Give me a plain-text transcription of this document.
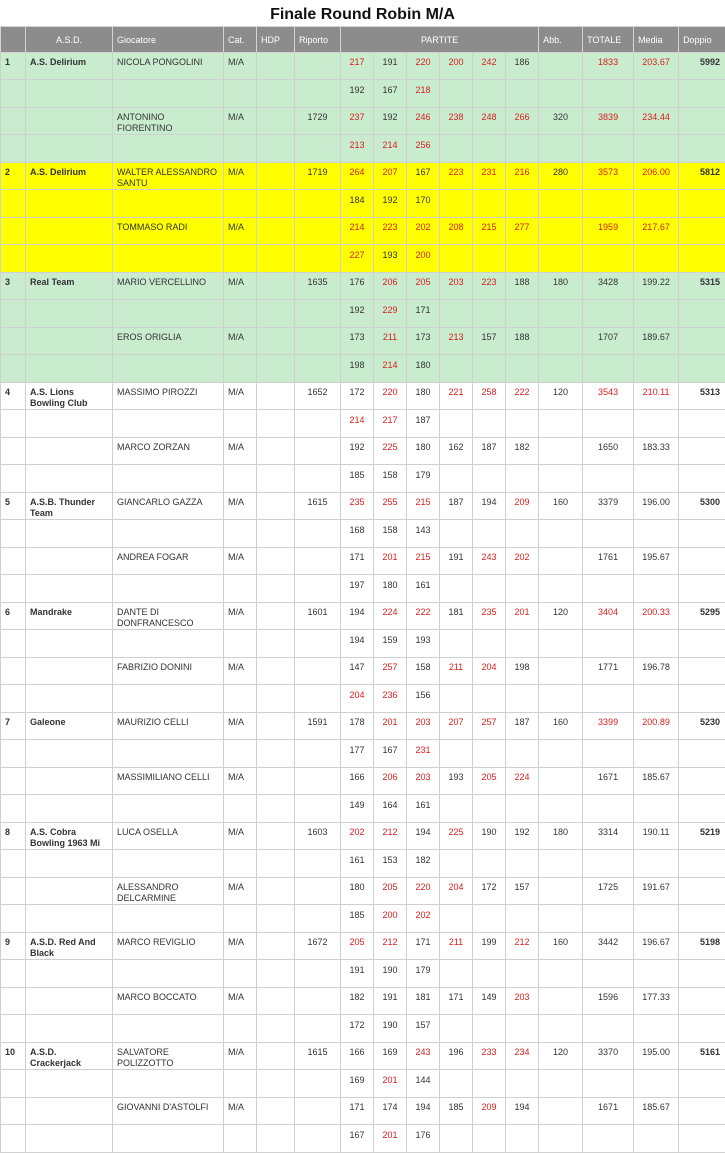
Finale Round Robin M/A
	A.S.D.	Giocatore	Cat.	HDP	Riporto	PARTITE						Abb.	TOTALE	Media	Doppio
1	A.S. Delirium	NICOLA PONGOLINI	M/A			217	191	220	200	242	186		1833	203.67	5992
						192	167	218							
		ANTONINO FIORENTINO	M/A		1729	237	192	246	238	248	266	320	3839	234.44	
						213	214	256							
2	A.S. Delirium	WALTER ALESSANDRO SANTU	M/A		1719	264	207	167	223	231	216	280	3573	206.00	5812
						184	192	170							
		TOMMASO RADI	M/A			214	223	202	208	215	277		1959	217.67	
						227	193	200							
3	Real Team	MARIO VERCELLINO	M/A		1635	176	206	205	203	223	188	180	3428	199.22	5315
						192	229	171							
		EROS ORIGLIA	M/A			173	211	173	213	157	188		1707	189.67	
						198	214	180							
4	A.S. Lions Bowling Club	MASSIMO PIROZZI	M/A		1652	172	220	180	221	258	222	120	3543	210.11	5313
						214	217	187							
		MARCO ZORZAN	M/A			192	225	180	162	187	182		1650	183.33	
						185	158	179							
5	A.S.B. Thunder Team	GIANCARLO GAZZA	M/A		1615	235	255	215	187	194	209	160	3379	196.00	5300
						168	158	143							
		ANDREA FOGAR	M/A			171	201	215	191	243	202		1761	195.67	
						197	180	161							
6	Mandrake	DANTE DI DONFRANCESCO	M/A		1601	194	224	222	181	235	201	120	3404	200.33	5295
						194	159	193							
		FABRIZIO DONINI	M/A			147	257	158	211	204	198		1771	196.78	
						204	236	156							
7	Galeone	MAURIZIO CELLI	M/A		1591	178	201	203	207	257	187	160	3399	200.89	5230
						177	167	231							
		MASSIMILIANO CELLI	M/A			166	206	203	193	205	224		1671	185.67	
						149	164	161							
8	A.S. Cobra Bowling 1963 Mi	LUCA OSELLA	M/A		1603	202	212	194	225	190	192	180	3314	190.11	5219
						161	153	182							
		ALESSANDRO DELCARMINE	M/A			180	205	220	204	172	157		1725	191.67	
						185	200	202							
9	A.S.D. Red And Black	MARCO REVIGLIO	M/A		1672	205	212	171	211	199	212	160	3442	196.67	5198
						191	190	179							
		MARCO BOCCATO	M/A			182	191	181	171	149	203		1596	177.33	
						172	190	157							
10	A.S.D. Crackerjack	SALVATORE POLIZZOTTO	M/A		1615	166	169	243	196	233	234	120	3370	195.00	5161
						169	201	144							
		GIOVANNI D'ASTOLFI	M/A			171	174	194	185	209	194		1671	185.67	
						167	201	176							
